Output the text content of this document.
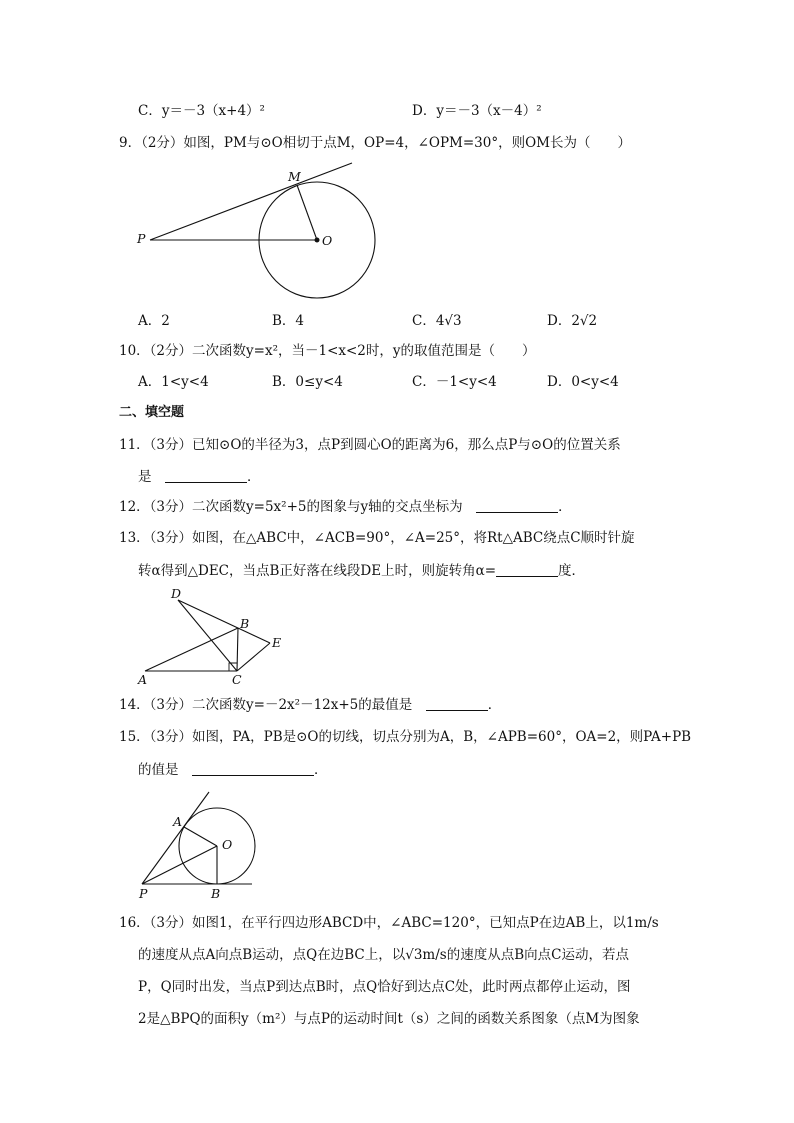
C．y＝－3（x+4）²	D．y＝－3（x－4）²
9．（2分）如图，PM与⊙O相切于点M，OP=4，∠OPM=30°，则OM长为（　　）
M
P	O
A．2	B．4	C．4√3	D．2√2
10．（2分）二次函数y=x²，当－1<x<2时，y的取值范围是（　　）
A．1<y<4	B．0≤y<4	C．－1<y<4	D．0<y<4
二、填空题
11．（3分）已知⊙O的半径为3，点P到圆心O的距离为6，那么点P与⊙O的位置关系
是　	．
12．（3分）二次函数y=5x²+5的图象与y轴的交点坐标为　	．
13．（3分）如图，在△ABC中，∠ACB=90°，∠A=25°，将Rt△ABC绕点C顺时针旋
转α得到△DEC，当点B正好落在线段DE上时，则旋转角α=	度．
D
B
E
A	C
14．（3分）二次函数y=－2x²－12x+5的最值是　	．
15．（3分）如图，PA，PB是⊙O的切线，切点分别为A，B，∠APB=60°，OA=2，则PA+PB
的值是　	．
A
O
P	B
16．（3分）如图1，在平行四边形ABCD中，∠ABC=120°，已知点P在边AB上，以1m/s
的速度从点A向点B运动，点Q在边BC上，以√3m/s的速度从点B向点C运动，若点
P，Q同时出发，当点P到达点B时，点Q恰好到达点C处，此时两点都停止运动，图
2是△BPQ的面积y（m²）与点P的运动时间t（s）之间的函数关系图象（点M为图象
